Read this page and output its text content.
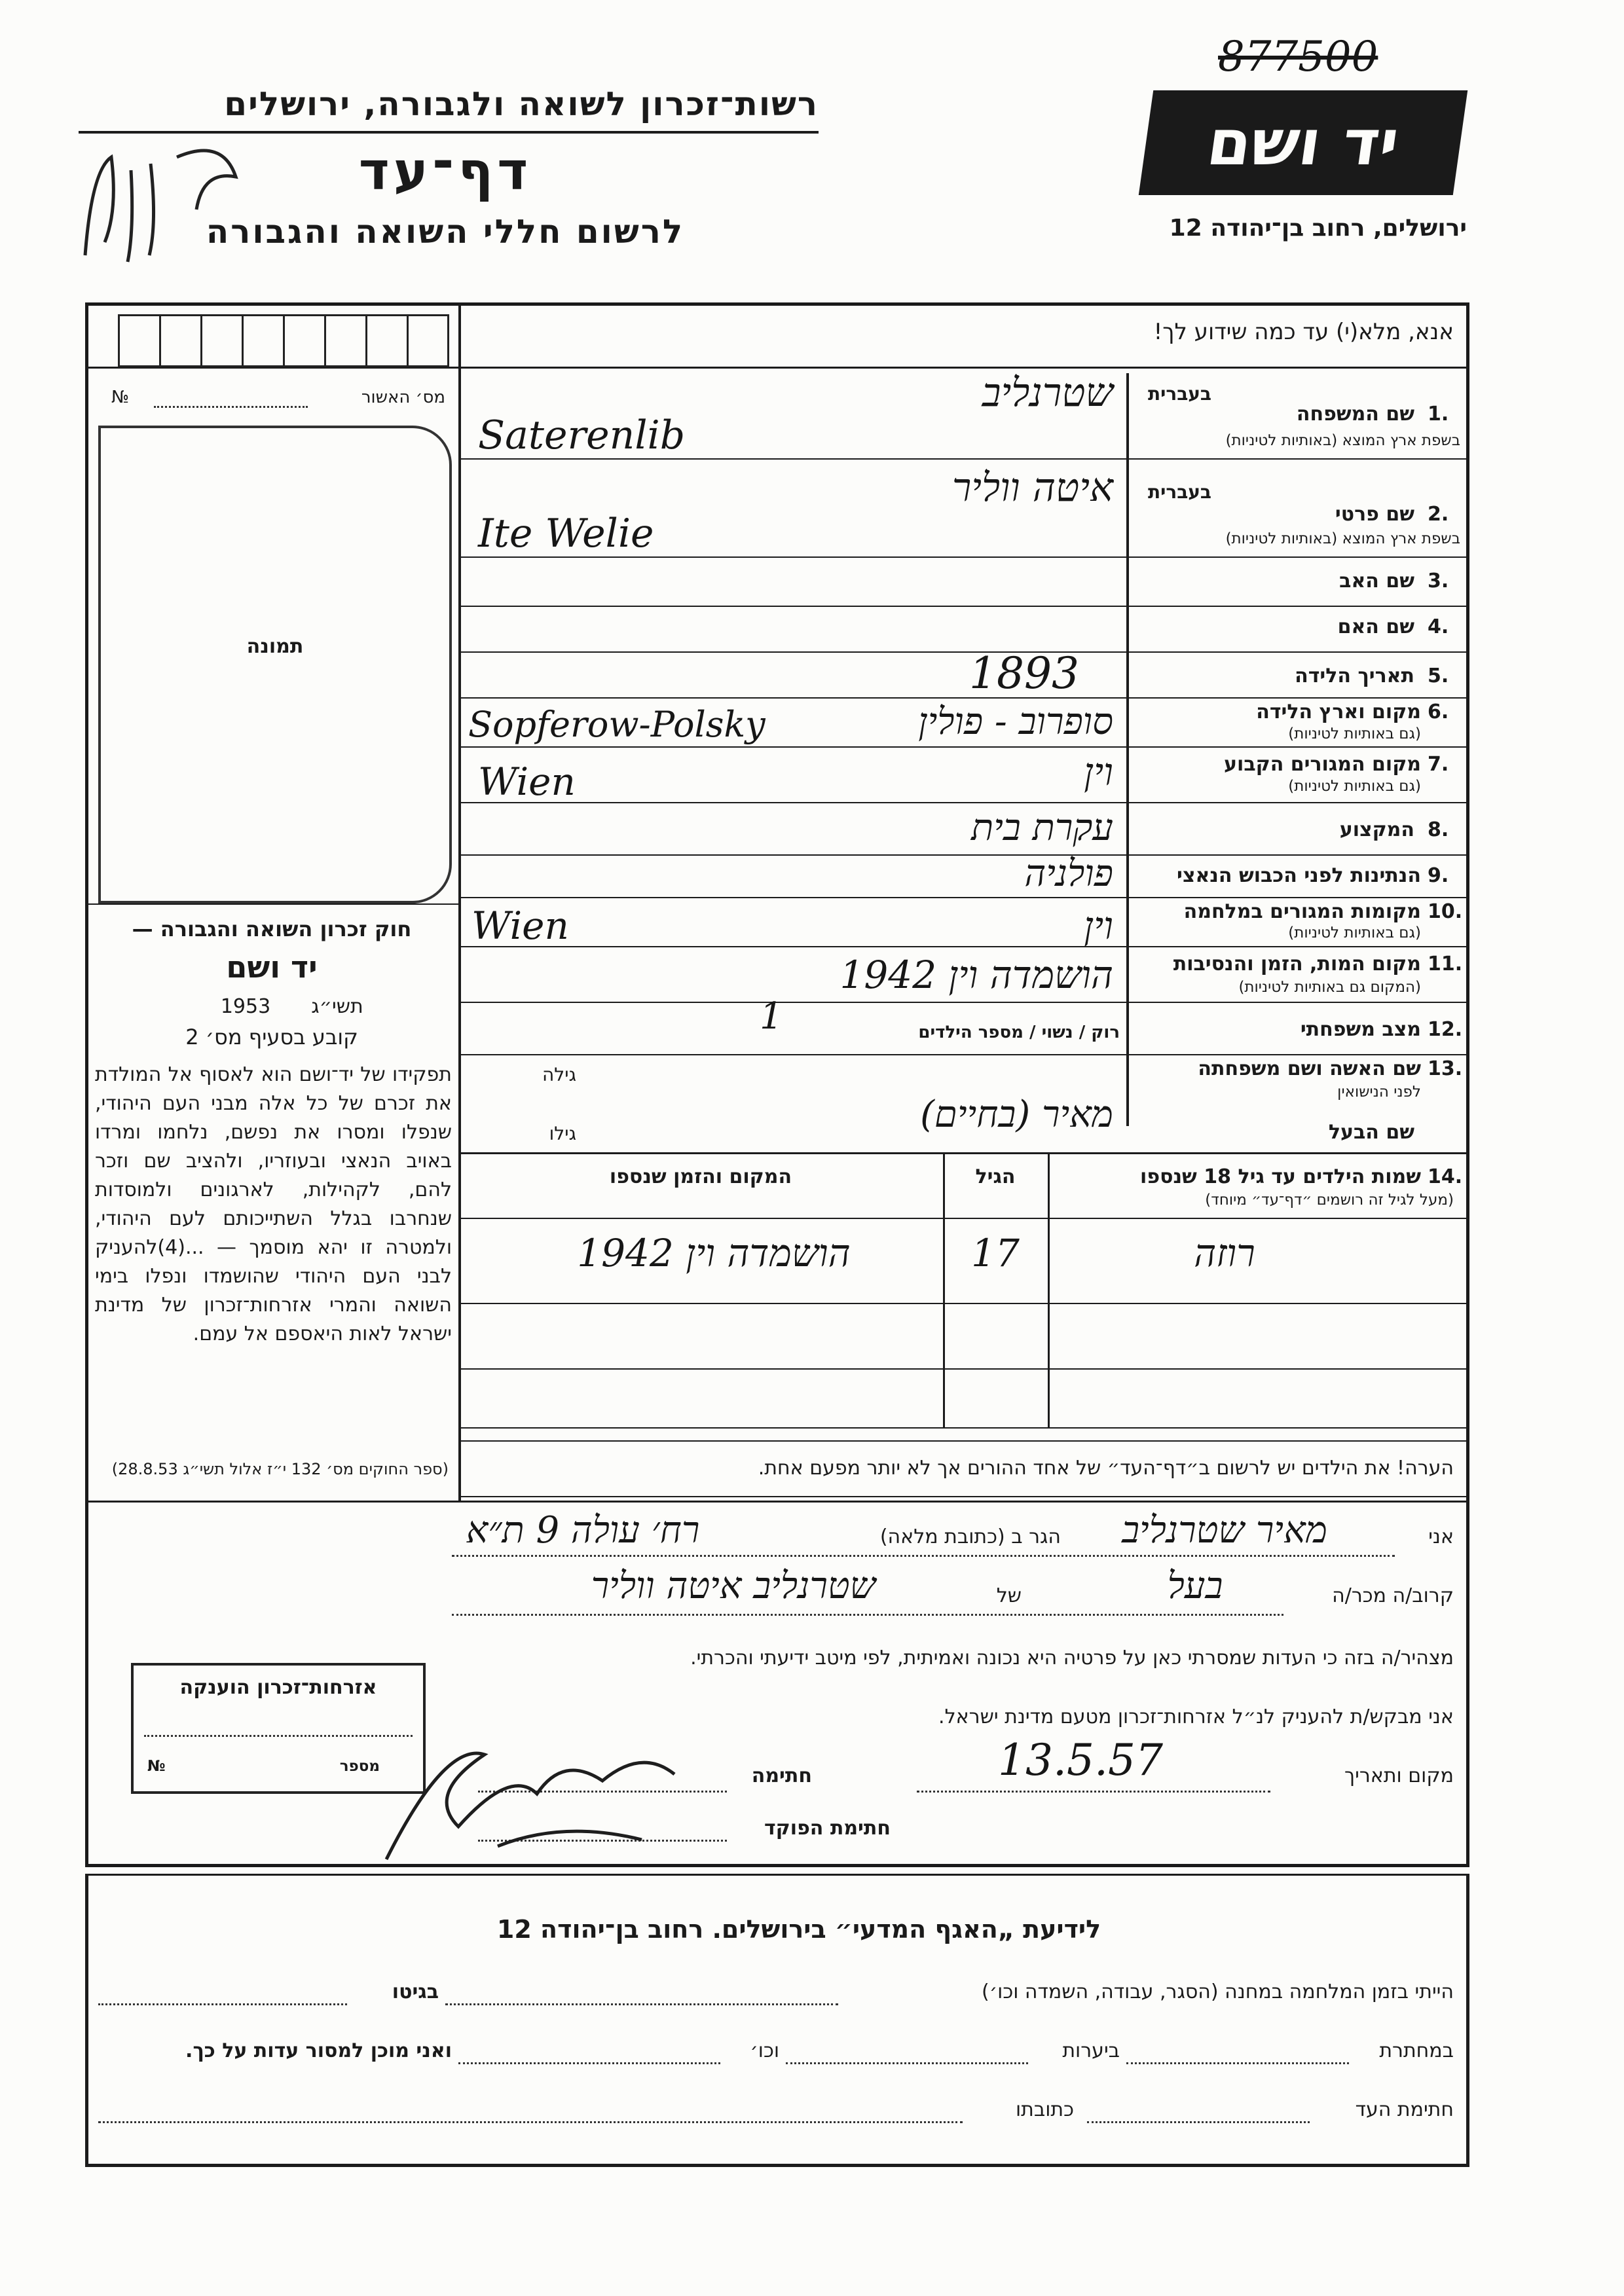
רשות־זכרון לשואה ולגבורה, ירושלים
דף־עד
לרשום חללי השואה והגבורה
877500
יד ושם
ירושלים, רחוב בן־יהודה 12
אנא, מלא(י) עד כמה שידוע לך!
מס׳ האשור
№
תמונה
בעברית
שם המשפחה 1.
בשפת ארץ המוצא (באותיות לטיניות)
שטרנליב
Saterenlib
בעברית
שם פרטי 2.
בשפת ארץ המוצא (באותיות לטיניות)
איטה ווליר
Ite Welie
שם האב 3.
שם האם 4.
תאריך הלידה 5.
1893
מקום וארץ הלידה 6.
(גם באותיות לטיניות)
סופרוב - פולין
Sopferow-Polsky
מקום המגורים הקבוע 7.
(גם באותיות לטיניות)
וין
Wien
המקצוע 8.
עקרת בית
הנתינות לפני הכבוש הנאצי 9.
פולניה
מקומות המגורים במלחמה 10.
(גם באותיות לטיניות)
וין
Wien
מקום המות, הזמן והנסיבות 11.
(המקום גם באותיות לטיניות)
הושמדה וין 1942
מצב משפחתי 12.
רוק / נשוי / מספר הילדים
1
שם האשה ושם משפחתה 13.
לפני הנישואין
גילה
שם הבעל
גילו	מאיר (בחיים)
14.
שמות הילדים עד גיל 18 שנספו
(מעל לגיל זה רושמים ״דף־עד״ מיוחד)
הגיל
המקום והזמן שנספו
רוזה
17
הושמדה וין 1942
חוק זכרון השואה והגבורה —
יד ושם
תשי״ג
1953
קובע בסעיף מס׳ 2
תפקידו של יד־ושם הוא לאסוף אל המולדת את זכרם של כל אלה מבני העם היהודי, שנפלו ומסרו את נפשם, נלחמו ומרדו באויב הנאצי ובעוזריו, ולהציב שם וזכר להם, לקהילות, לארגונים ולמוסדות שנחרבו בגלל השתייכותם לעם היהודי, ולמטרה זו יהא מוסמך — ...(4)להעניק לבני העם היהודי שהושמדו ונפלו בימי השואה והמרי אזרחות־זכרון של מדינת ישראל לאות היאספם אל עמם.
(ספר החוקים מס׳ 132 י״ז אלול תשי״ג 28.8.53)	הערה! את הילדים יש לרשום ב״דף־העד״ של אחד ההורים אך לא יותר מפעם אחת.
אני
מאיר שטרנליב
הגר ב (כתובת מלאה)
רח׳ עולה 9 ת״א
קרוב/ה מכר/ה
בעל
של
שטרנליב איטה ווליר
מצהיר/ה בזה כי העדות שמסרתי כאן על פרטיה היא נכונה ואמיתית, לפי מיטב ידיעתי והכרתי.
אני מבקש/ת להעניק לנ״ל אזרחות־זכרון מטעם מדינת ישראל.
מקום ותאריך
13.5.57
חתימה
חתימת הפוקד
אזרחות־זכרון הוענקה
מספר
№
לידיעת „האגף המדעי״ בירושלים. רחוב בן־יהודה 12
הייתי בזמן המלחמה במחנה (הסגר, עבודה, השמדה וכו׳)
בגיטו
במחתרת
ביערות
וכו׳
ואני מוכן למסור עדות על כך.
חתימת העד
כתובתו
